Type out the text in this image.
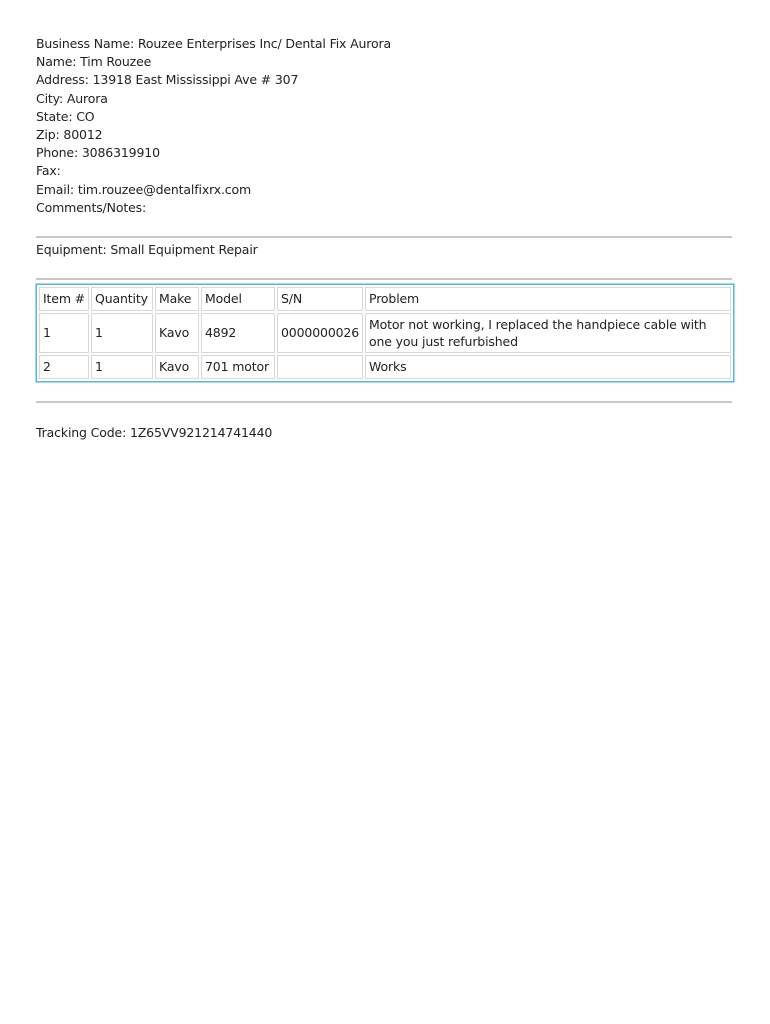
Business Name: Rouzee Enterprises Inc/ Dental Fix Aurora
Name: Tim Rouzee
Address: 13918 East Mississippi Ave # 307
City: Aurora
State: CO
Zip: 80012
Phone: 3086319910
Fax:
Email: tim.rouzee@dentalfixrx.com
Comments/Notes:
Equipment: Small Equipment Repair
Item #	Quantity	Make	Model	S/N	Problem
1	1	Kavo	4892	0000000026	Motor not working, I replaced the handpiece cable with one you just refurbished
2	1	Kavo	701 motor		Works
Tracking Code: 1Z65VV921214741440
